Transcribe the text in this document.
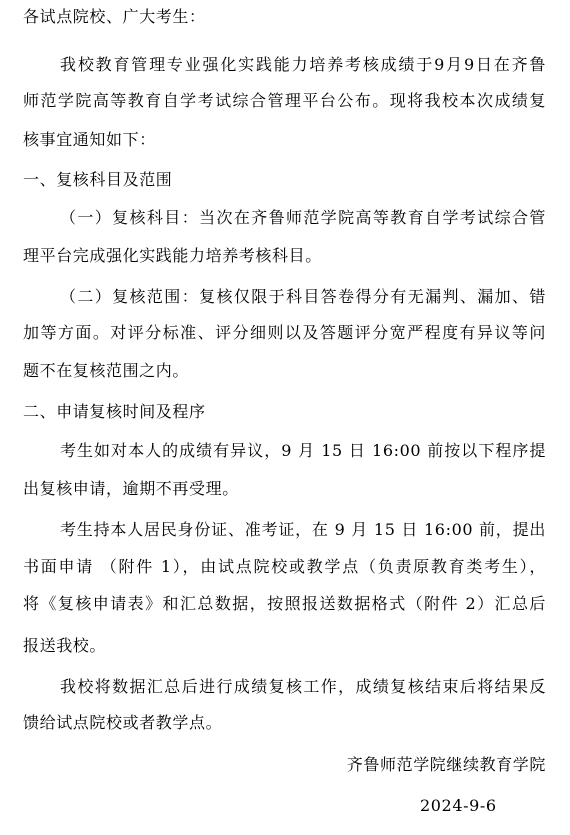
各试点院校、广大考生：
我校教育管理专业强化实践能力培养考核成绩于9月9日在齐鲁
师范学院高等教育自学考试综合管理平台公布。现将我校本次成绩复
核事宜通知如下：
一、复核科目及范围
（一）复核科目：当次在齐鲁师范学院高等教育自学考试综合管
理平台完成强化实践能力培养考核科目。
（二）复核范围：复核仅限于科目答卷得分有无漏判、漏加、错
加等方面。对评分标准、评分细则以及答题评分宽严程度有异议等问
题不在复核范围之内。
二、申请复核时间及程序
考生如对本人的成绩有异议，9 月 15 日 16:00 前按以下程序提
出复核申请，逾期不再受理。
考生持本人居民身份证、准考证，在 9 月 15 日 16:00 前，提出
书面申请 （附件 1），由试点院校或教学点（负责原教育类考生），
将《复核申请表》和汇总数据，按照报送数据格式（附件 2）汇总后
报送我校。
我校将数据汇总后进行成绩复核工作，成绩复核结束后将结果反
馈给试点院校或者教学点。
齐鲁师范学院继续教育学院
2024-9-6
